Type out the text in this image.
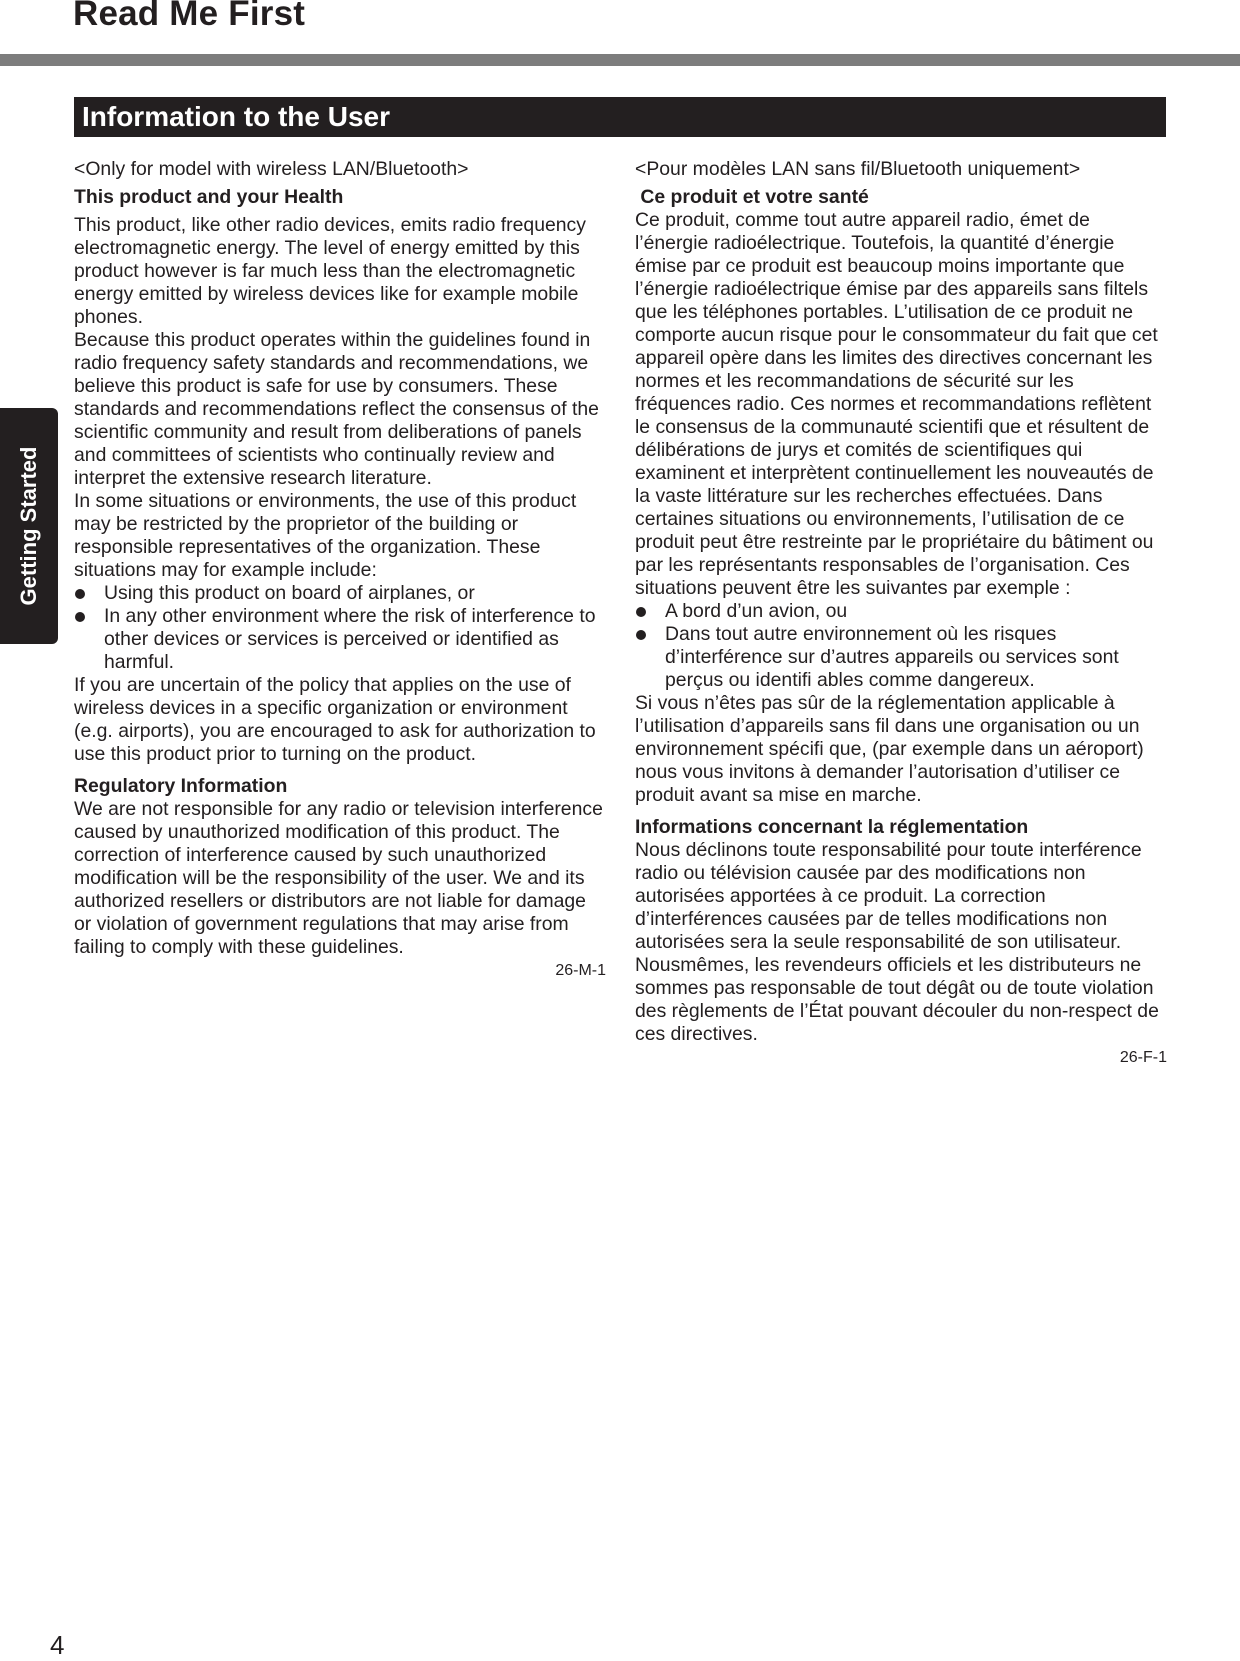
Read Me First
Getting Started
Information to the User

<Only for model with wireless LAN/Bluetooth>

This product and your Health

This product, like other radio devices, emits radio frequency electromagnetic energy. The level of energy emitted by this product however is far much less than the electromagnetic energy emitted by wireless devices like for example mobile phones.

Because this product operates within the guidelines found in radio frequency safety standards and recommendations, we believe this product is safe for use by consumers. These standards and recommendations reflect the consensus of the scientific community and result from deliberations of panels and committees of scientists who continually review and interpret the extensive research literature.

In some situations or environments, the use of this product may be restricted by the proprietor of the building or responsible representatives of the organization. These situations may for example include:

Using this product on board of airplanes, or
In any other environment where the risk of interference to other devices or services is perceived or identified as harmful.

If you are uncertain of the policy that applies on the use of wireless devices in a specific organization or environment (e.g. airports), you are encouraged to ask for authorization to use this product prior to turning on the product.

Regulatory Information

We are not responsible for any radio or television interference caused by unauthorized modification of this product. The correction of interference caused by such unauthorized modification will be the responsibility of the user. We and its authorized resellers or distributors are not liable for damage or violation of government regulations that may arise from failing to comply with these guidelines.

26-M-1

<Pour modèles LAN sans fil/Bluetooth uniquement>

Ce produit et votre santé

Ce produit, comme tout autre appareil radio, émet de l’énergie radioélectrique. Toutefois, la quantité d’énergie émise par ce produit est beaucoup moins importante que l’énergie radioélectrique émise par des appareils sans filtels que les téléphones portables. L’utilisation de ce produit ne comporte aucun risque pour le consommateur du fait que cet appareil opère dans les limites des directives concernant les normes et les recommandations de sécurité sur les fréquences radio. Ces normes et recommandations reflètent le consensus de la communauté scientifi que et résultent de délibérations de jurys et comités de scientifiques qui examinent et interprètent continuellement les nouveautés de la vaste littérature sur les recherches effectuées. Dans certaines situations ou environnements, l’utilisation de ce produit peut être restreinte par le propriétaire du bâtiment ou par les représentants responsables de l’organisation. Ces situations peuvent être les suivantes par exemple :

A bord d’un avion, ou
Dans tout autre environnement où les risques d’interférence sur d’autres appareils ou services sont perçus ou identifi ables comme dangereux.

Si vous n’êtes pas sûr de la réglementation applicable à l’utilisation d’appareils sans fil dans une organisation ou un environnement spécifi que, (par exemple dans un aéroport) nous vous invitons à demander l’autorisation d’utiliser ce produit avant sa mise en marche.

Informations concernant la réglementation

Nous déclinons toute responsabilité pour toute interférence radio ou télévision causée par des modifications non autorisées apportées à ce produit. La correction d’interférences causées par de telles modifications non autorisées sera la seule responsabilité de son utilisateur. Nousmêmes, les revendeurs officiels et les distributeurs ne sommes pas responsable de tout dégât ou de toute violation des règlements de l’État pouvant découler du non-respect de ces directives.

26-F-1

4
